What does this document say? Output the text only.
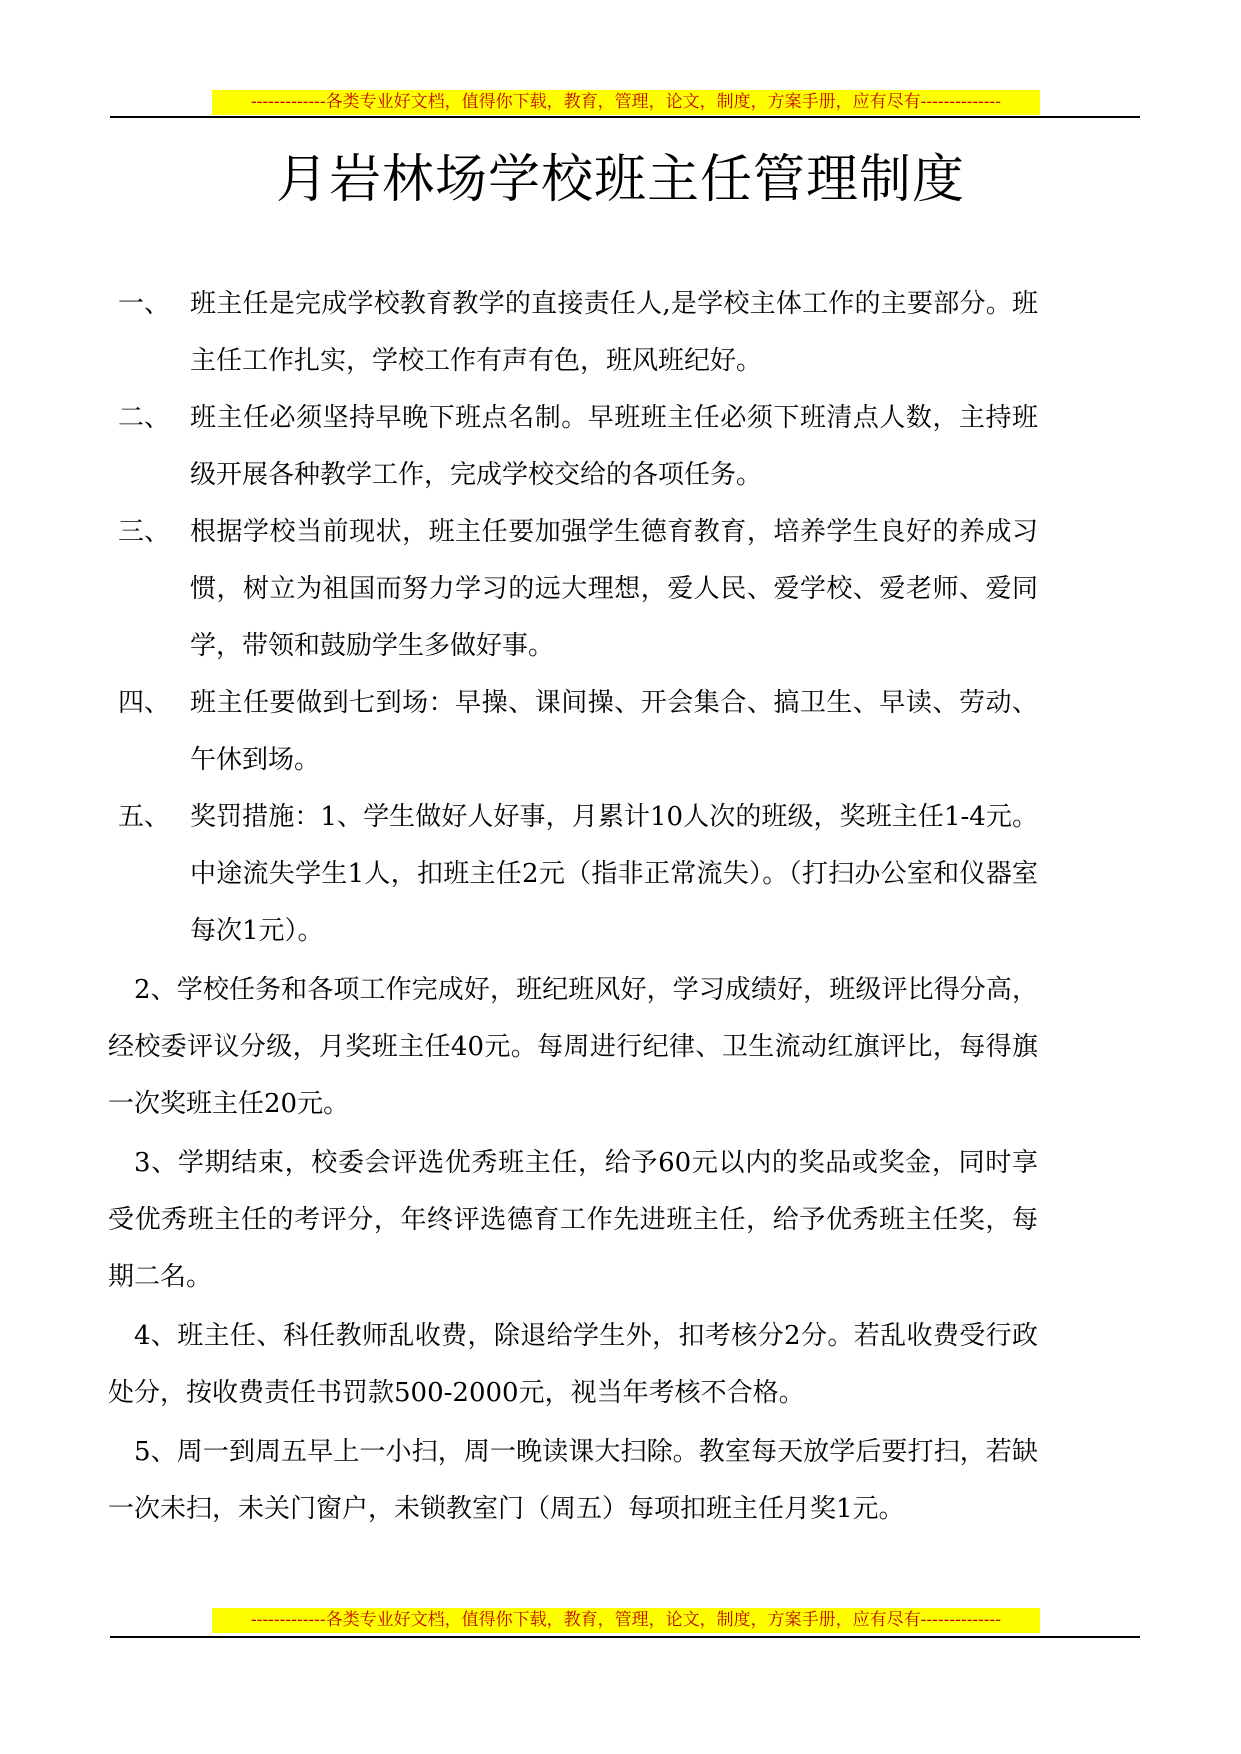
-------------各类专业好文档，值得你下载，教育，管理，论文，制度，方案手册，应有尽有--------------
月岩林场学校班主任管理制度
一、 班主任是完成学校教育教学的直接责任人,是学校主体工作的主要部分。班主任工作扎实，学校工作有声有色，班风班纪好。
二、 班主任必须坚持早晚下班点名制。早班班主任必须下班清点人数，主持班级开展各种教学工作，完成学校交给的各项任务。
三、 根据学校当前现状，班主任要加强学生德育教育，培养学生良好的养成习惯，树立为祖国而努力学习的远大理想，爱人民、爱学校、爱老师、爱同学，带领和鼓励学生多做好事。
四、 班主任要做到七到场：早操、课间操、开会集合、搞卫生、早读、劳动、午休到场。
五、 奖罚措施：1、学生做好人好事，月累计10人次的班级，奖班主任1-4元。中途流失学生1人，扣班主任2元（指非正常流失）。（打扫办公室和仪器室每次1元）。

2、学校任务和各项工作完成好，班纪班风好，学习成绩好，班级评比得分高，经校委评议分级，月奖班主任40元。每周进行纪律、卫生流动红旗评比，每得旗一次奖班主任20元。

3、学期结束，校委会评选优秀班主任，给予60元以内的奖品或奖金，同时享受优秀班主任的考评分，年终评选德育工作先进班主任，给予优秀班主任奖，每期二名。

4、班主任、科任教师乱收费，除退给学生外，扣考核分2分。若乱收费受行政处分，按收费责任书罚款500-2000元，视当年考核不合格。

5、周一到周五早上一小扫，周一晚读课大扫除。教室每天放学后要打扫，若缺一次未扫，未关门窗户，未锁教室门（周五）每项扣班主任月奖1元。

-------------各类专业好文档，值得你下载，教育，管理，论文，制度，方案手册，应有尽有--------------
